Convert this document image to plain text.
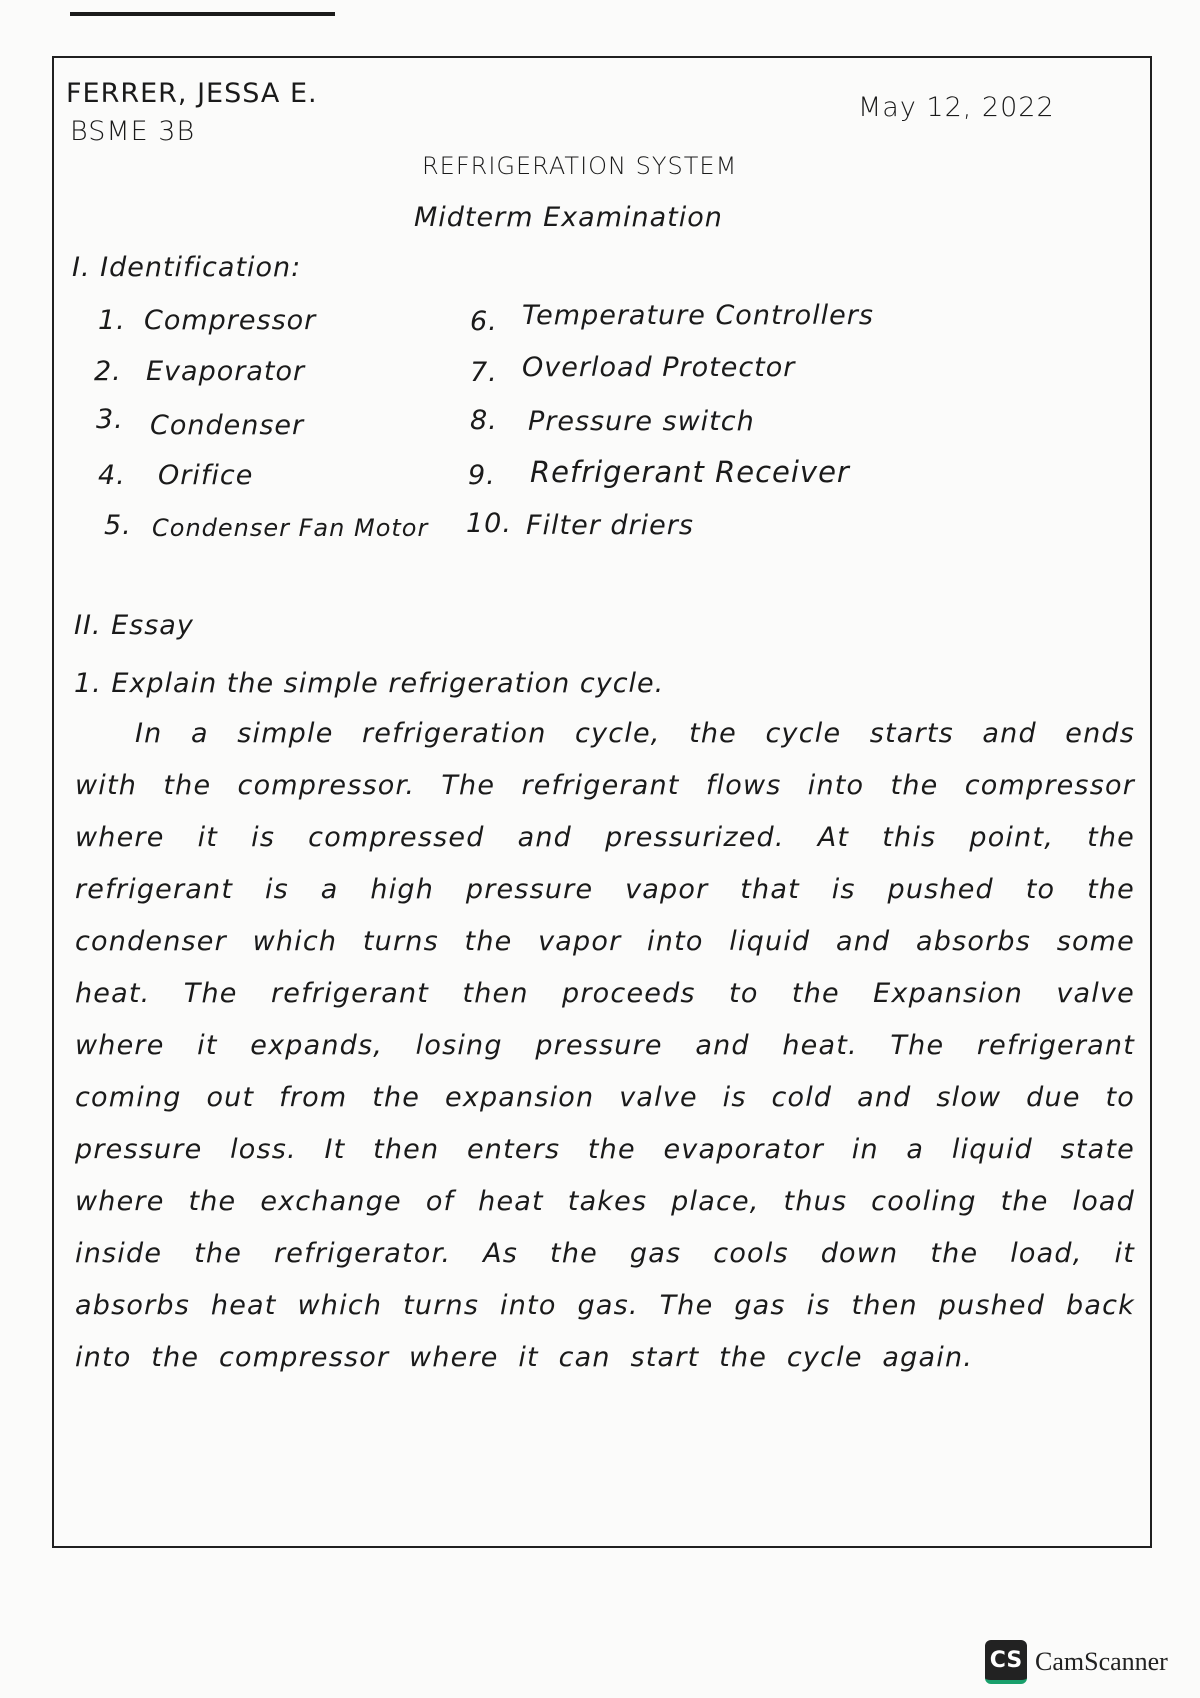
FERRER, JESSA E.
BSME 3B
May 12, 2022
REFRIGERATION SYSTEM
Midterm Examination
I. Identification:
1. Compressor
2. Evaporator
3. Condenser
4. Orifice
5. Condenser Fan Motor
6. Temperature Controllers
7. Overload Protector
8. Pressure switch
9. Refrigerant Receiver
10. Filter driers
II. Essay
1. Explain the simple refrigeration cycle.

In a simple refrigeration cycle, the cycle starts and ends with the compressor. The refrigerant flows into the compressor where it is compressed and pressurized. At this point, the refrigerant is a high pressure vapor that is pushed to the condenser which turns the vapor into liquid and absorbs some heat. The refrigerant then proceeds to the Expansion valve where it expands, losing pressure and heat. The refrigerant coming out from the expansion valve is cold and slow due to pressure loss. It then enters the evaporator in a liquid state where the exchange of heat takes place, thus cooling the load inside the refrigerator. As the gas cools down the load, it absorbs heat which turns into gas. The gas is then pushed back into the compressor where it can start the cycle again.

CS CamScanner
